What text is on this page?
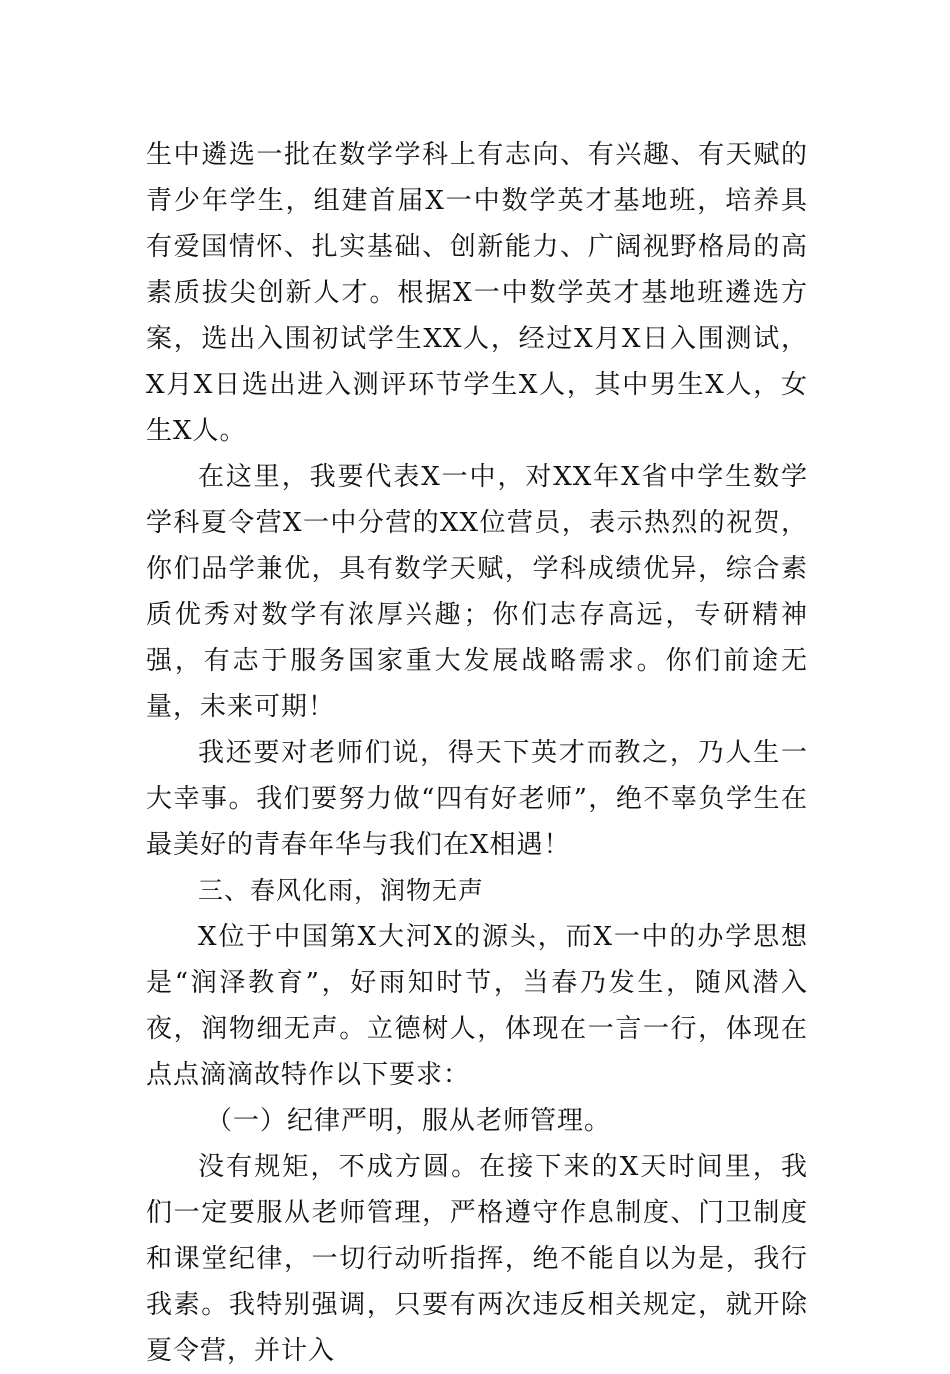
生中遴选一批在数学学科上有志向、有兴趣、有天赋的青少年学生，组建首届X一中数学英才基地班，培养具有爱国情怀、扎实基础、创新能力、广阔视野格局的高素质拔尖创新人才。根据X一中数学英才基地班遴选方案，选出入围初试学生XX人，经过X月X日入围测试，X月X日选出进入测评环节学生X人，其中男生X人，女生X人。

在这里，我要代表X一中，对XX年X省中学生数学学科夏令营X一中分营的XX位营员，表示热烈的祝贺，你们品学兼优，具有数学天赋，学科成绩优异，综合素质优秀对数学有浓厚兴趣；你们志存高远，专研精神强，有志于服务国家重大发展战略需求。你们前途无量，未来可期！

我还要对老师们说，得天下英才而教之，乃人生一大幸事。我们要努力做“四有好老师”，绝不辜负学生在最美好的青春年华与我们在X相遇！

三、春风化雨，润物无声

X位于中国第X大河X的源头，而X一中的办学思想是“润泽教育”，好雨知时节，当春乃发生，随风潜入夜，润物细无声。立德树人，体现在一言一行，体现在点点滴滴故特作以下要求：

（一）纪律严明，服从老师管理。

没有规矩，不成方圆。在接下来的X天时间里，我们一定要服从老师管理，严格遵守作息制度、门卫制度和课堂纪律，一切行动听指挥，绝不能自以为是，我行我素。我特别强调，只要有两次违反相关规定，就开除夏令营，并计入
